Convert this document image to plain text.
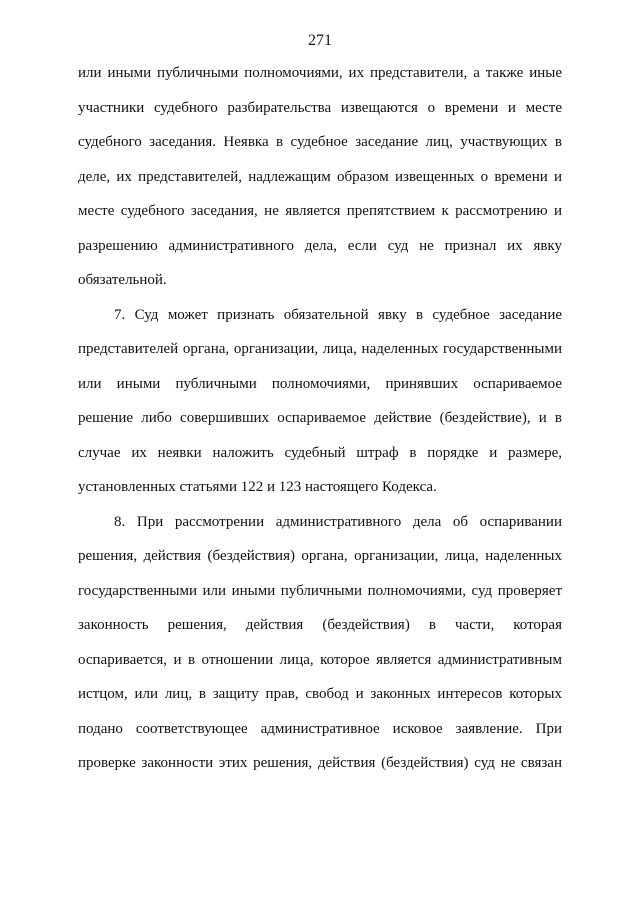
271
или иными публичными полномочиями, их представители, а также иные
участники судебного разбирательства извещаются о времени и месте
судебного заседания. Неявка в судебное заседание лиц, участвующих в
деле, их представителей, надлежащим образом извещенных о времени и
месте судебного заседания, не является препятствием к рассмотрению и
разрешению административного дела, если суд не признал их явку
обязательной.
7. Суд может признать обязательной явку в судебное заседание
представителей органа, организации, лица, наделенных государственными
или иными публичными полномочиями, принявших оспариваемое
решение либо совершивших оспариваемое действие (бездействие), и в
случае их неявки наложить судебный штраф в порядке и размере,
установленных статьями 122 и 123 настоящего Кодекса.
8. При рассмотрении административного дела об оспаривании
решения, действия (бездействия) органа, организации, лица, наделенных
государственными или иными публичными полномочиями, суд проверяет
законность решения, действия (бездействия) в части, которая
оспаривается, и в отношении лица, которое является административным
истцом, или лиц, в защиту прав, свобод и законных интересов которых
подано соответствующее административное исковое заявление. При
проверке законности этих решения, действия (бездействия) суд не связан
